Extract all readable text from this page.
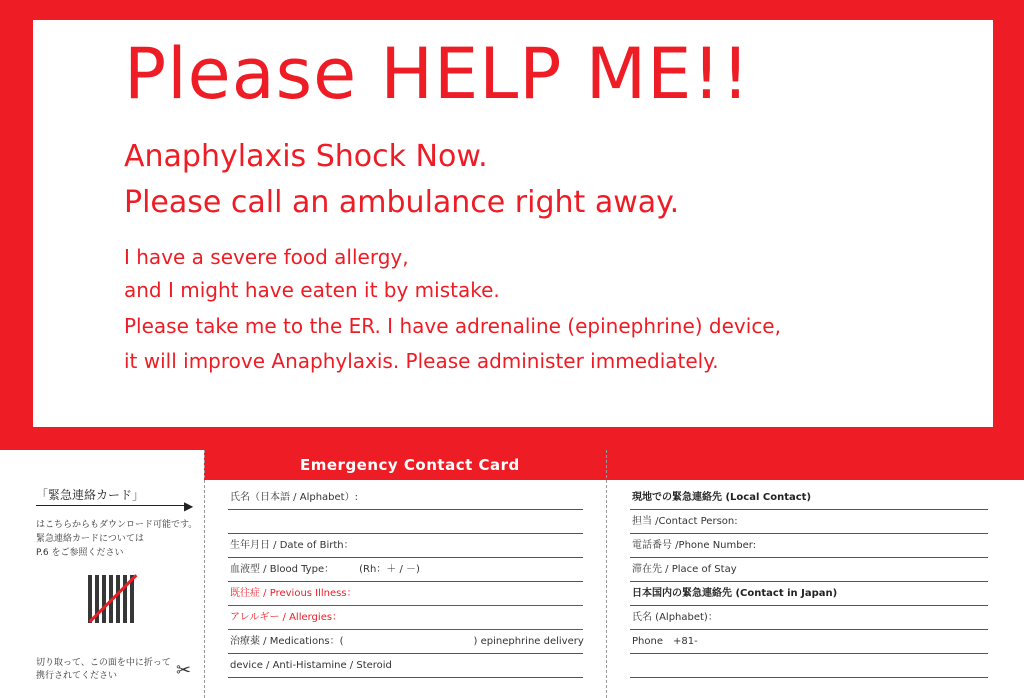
Please HELP ME!!
Anaphylaxis Shock Now.
Please call an ambulance right away.
I have a severe food allergy,
and I might have eaten it by mistake.
Please take me to the ER. I have adrenaline (epinephrine) device,
it will improve Anaphylaxis. Please administer immediately.
「緊急連絡カード」
▶
はこちらからもダウンロード可能です。
緊急連絡カードについては
P.6 をご参照ください
切り取って、この面を中に折って
携行されてください	✂
Emergency Contact Card
氏名（日本語 / Alphabet）:
生年月日 / Date of Birth：
血液型 / Blood Type：　　　(Rh：＋ / －)
既往症 / Previous Illness：
アレルギー / Allergies：
治療薬 / Medications：(　　　　　　　　　　　　　) epinephrine delivery
device / Anti-Histamine / Steroid
現地での緊急連絡先 (Local Contact)
担当 /Contact Person:
電話番号 /Phone Number:
滞在先 / Place of Stay
日本国内の緊急連絡先 (Contact in Japan)
氏名 (Alphabet)：
Phone　+81-
